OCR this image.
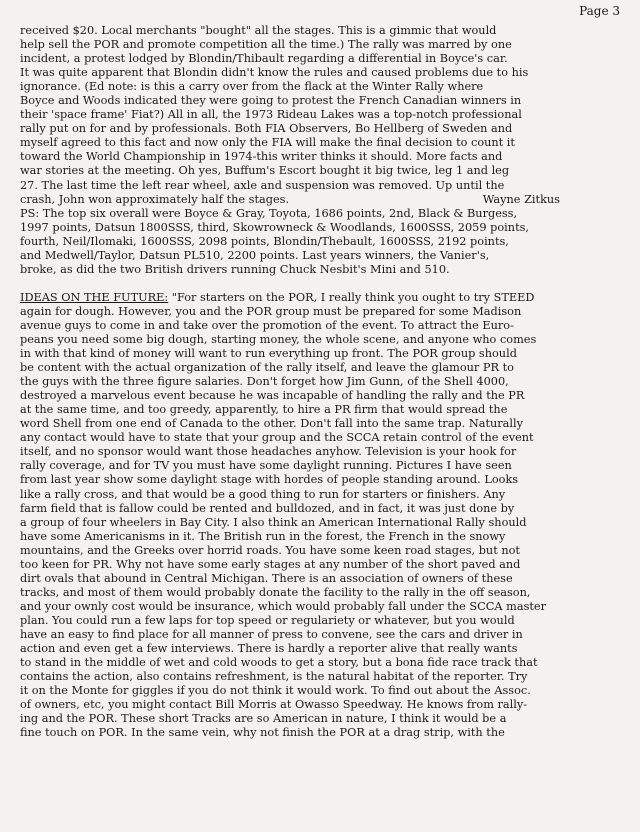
Page 3
received $20. Local merchants "bought" all the stages. This is a gimmic that would
help sell the POR and promote competition all the time.) The rally was marred by one
incident, a protest lodged by Blondin/Thibault regarding a differential in Boyce's car.
It was quite apparent that Blondin didn't know the rules and caused problems due to his
ignorance. (Ed note: is this a carry over from the flack at the Winter Rally where
Boyce and Woods indicated they were going to protest the French Canadian winners in
their 'space frame' Fiat?) All in all, the 1973 Rideau Lakes was a top-notch professional
rally put on for and by professionals. Both FIA Observers, Bo Hellberg of Sweden and
myself agreed to this fact and now only the FIA will make the final decision to count it
toward the World Championship in 1974-this writer thinks it should. More facts and
war stories at the meeting. Oh yes, Buffum's Escort bought it big twice, leg 1 and leg
27. The last time the left rear wheel, axle and suspension was removed. Up until the
crash, John won approximately half the stages.	Wayne Zitkus
PS: The top six overall were Boyce & Gray, Toyota, 1686 points, 2nd, Black & Burgess,
1997 points, Datsun 1800SSS, third, Skowrowneck & Woodlands, 1600SSS, 2059 points,
fourth, Neil/Ilomaki, 1600SSS, 2098 points, Blondin/Thebault, 1600SSS, 2192 points,
and Medwell/Taylor, Datsun PL510, 2200 points. Last years winners, the Vanier's,
broke, as did the two British drivers running Chuck Nesbit's Mini and 510.
IDEAS ON THE FUTURE: "For starters on the POR, I really think you ought to try STEED
again for dough. However, you and the POR group must be prepared for some Madison
avenue guys to come in and take over the promotion of the event. To attract the Euro-
peans you need some big dough, starting money, the whole scene, and anyone who comes
in with that kind of money will want to run everything up front. The POR group should
be content with the actual organization of the rally itself, and leave the glamour PR to
the guys with the three figure salaries. Don't forget how Jim Gunn, of the Shell 4000,
destroyed a marvelous event because he was incapable of handling the rally and the PR
at the same time, and too greedy, apparently, to hire a PR firm that would spread the
word Shell from one end of Canada to the other. Don't fall into the same trap. Naturally
any contact would have to state that your group and the SCCA retain control of the event
itself, and no sponsor would want those headaches anyhow. Television is your hook for
rally coverage, and for TV you must have some daylight running. Pictures I have seen
from last year show some daylight stage with hordes of people standing around. Looks
like a rally cross, and that would be a good thing to run for starters or finishers. Any
farm field that is fallow could be rented and bulldozed, and in fact, it was just done by
a group of four wheelers in Bay City. I also think an American International Rally should
have some Americanisms in it. The British run in the forest, the French in the snowy
mountains, and the Greeks over horrid roads. You have some keen road stages, but not
too keen for PR. Why not have some early stages at any number of the short paved and
dirt ovals that abound in Central Michigan. There is an association of owners of these
tracks, and most of them would probably donate the facility to the rally in the off season,
and your ownly cost would be insurance, which would probably fall under the SCCA master
plan. You could run a few laps for top speed or regulariety or whatever, but you would
have an easy to find place for all manner of press to convene, see the cars and driver in
action and even get a few interviews. There is hardly a reporter alive that really wants
to stand in the middle of wet and cold woods to get a story, but a bona fide race track that
contains the action, also contains refreshment, is the natural habitat of the reporter. Try
it on the Monte for giggles if you do not think it would work. To find out about the Assoc.
of owners, etc, you might contact Bill Morris at Owasso Speedway. He knows from rally-
ing and the POR. These short Tracks are so American in nature, I think it would be a
fine touch on POR. In the same vein, why not finish the POR at a drag strip, with the
